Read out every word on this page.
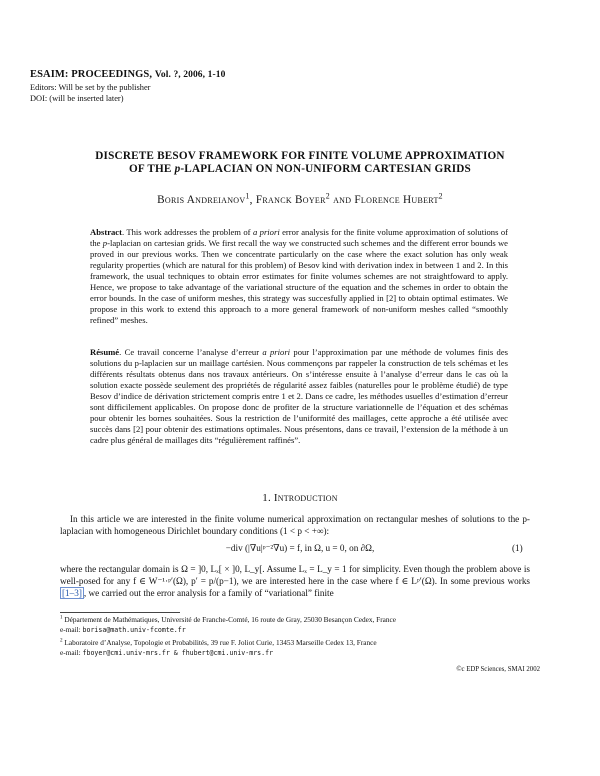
ESAIM: PROCEEDINGS, Vol. ?, 2006, 1-10
Editors: Will be set by the publisher
DOI: (will be inserted later)
DISCRETE BESOV FRAMEWORK FOR FINITE VOLUME APPROXIMATION
OF THE p-LAPLACIAN ON NON-UNIFORM CARTESIAN GRIDS
Boris Andreianov$^1$, Franck Boyer$^2$ and Florence Hubert$^2$
Abstract. This work addresses the problem of a priori error analysis for the finite volume approximation of solutions of the p-laplacian on cartesian grids. We first recall the way we constructed such schemes and the different error bounds we proved in our previous works. Then we concentrate particularly on the case where the exact solution has only weak regularity properties (which are natural for this problem) of Besov kind with derivation index in between 1 and 2. In this framework, the usual techniques to obtain error estimates for finite volumes schemes are not straightfoward to apply. Hence, we propose to take advantage of the variational structure of the equation and the schemes in order to obtain the error bounds. In the case of uniform meshes, this strategy was succesfully applied in [2] to obtain optimal estimates. We propose in this work to extend this approach to a more general framework of non-uniform meshes called “smoothly refined” meshes.
Résumé. Ce travail concerne l’analyse d’erreur a priori pour l’approximation par une méthode de volumes finis des solutions du p-laplacien sur un maillage cartésien. Nous commençons par rappeler la construction de tels schémas et les différents résultats obtenus dans nos travaux antérieurs. On s’intéresse ensuite à l’analyse d’erreur dans le cas où la solution exacte possède seulement des propriétés de régularité assez faibles (naturelles pour le problème étudié) de type Besov d’indice de dérivation strictement compris entre 1 et 2. Dans ce cadre, les méthodes usuelles d’estimation d’erreur sont difficilement applicables. On propose donc de profiter de la structure variationnelle de l’équation et des schémas pour obtenir les bornes souhaitées. Sous la restriction de l’uniformité des maillages, cette approche a été utilisée avec succès dans [2] pour obtenir des estimations optimales. Nous présentons, dans ce travail, l’extension de la méthode à un cadre plus général de maillages dits “régulièrement raffinés”.
1. Introduction
In this article we are interested in the finite volume numerical approximation on rectangular meshes of solutions to the p-laplacian with homogeneous Dirichlet boundary conditions (1 < p < +∞):
−div (|∇u|ᵖ⁻²∇u) = f, in Ω, u = 0, on ∂Ω,	(1)
where the rectangular domain is Ω = ]0, Lₓ[ × ]0, L_y[. Assume Lₓ = L_y = 1 for simplicity. Even though the problem above is well-posed for any f ∈ W⁻¹·ᵖ′(Ω), p′ = p/(p−1), we are interested here in the case where f ∈ Lᵖ′(Ω). In some previous works [1–3] , we carried out the error analysis for a family of “variational” finite
$^1$ Département de Mathématiques, Université de Franche-Comté, 16 route de Gray, 25030 Besançon Cedex, France
e-mail: borisa@math.univ-fcomte.fr
$^2$ Laboratoire d’Analyse, Topologie et Probabilités, 39 rue F. Joliot Curie, 13453 Marseille Cedex 13, France
e-mail: fboyer@cmi.univ-mrs.fr & fhubert@cmi.univ-mrs.fr
©c EDP Sciences, SMAI 2002
